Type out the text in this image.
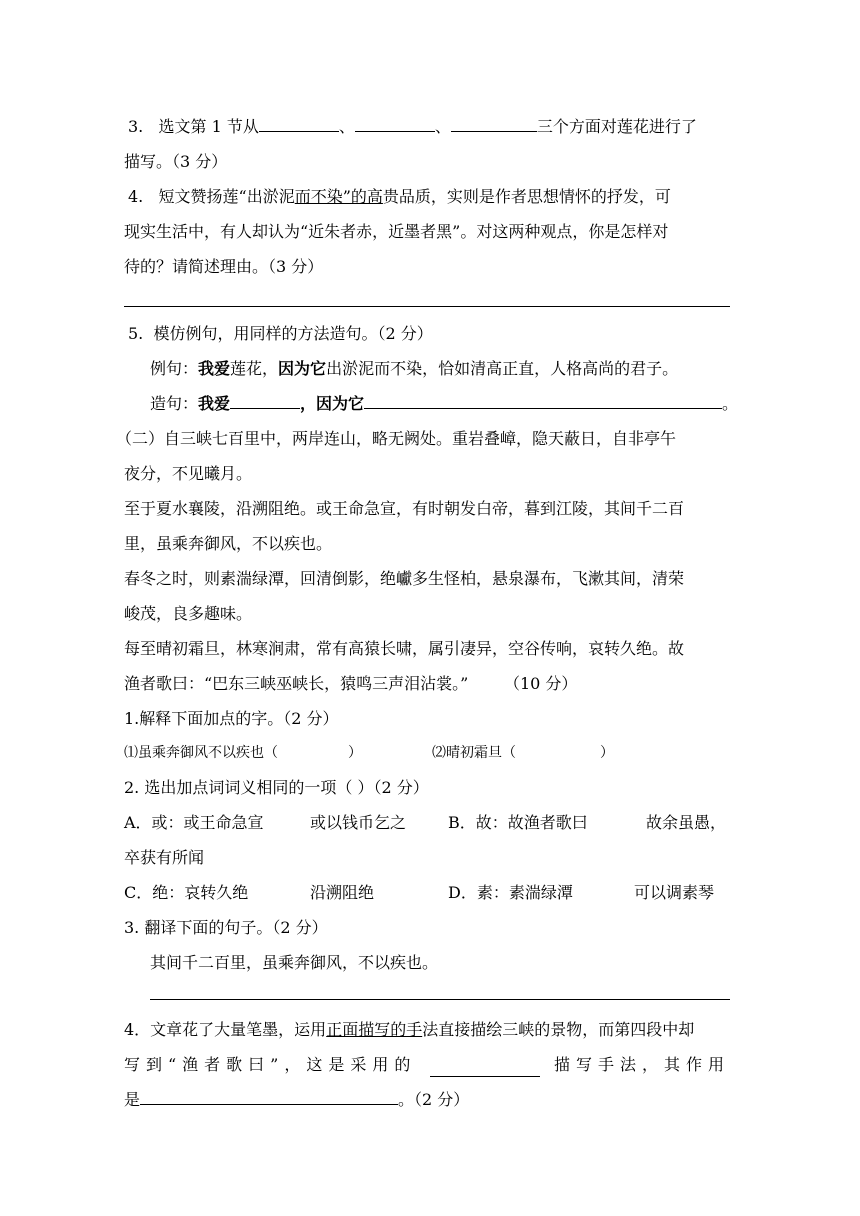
3. 选文第 1 节从	、	、	三个方面对莲花进行了
描写。（3 分）
4. 短文赞扬莲“出淤泥而不染”的高贵品质，实则是作者思想情怀的抒发，可
现实生活中，有人却认为“近朱者赤，近墨者黑”。对这两种观点，你是怎样对
待的？请简述理由。（3 分）
5. 模仿例句，用同样的方法造句。（2 分）
例句：我爱莲花，因为它出淤泥而不染，恰如清高正直，人格高尚的君子。
造句：我爱	，因为它	。
（二）自三峡七百里中，两岸连山，略无阙处。重岩叠嶂，隐天蔽日，自非亭午
夜分，不见曦月。
至于夏水襄陵，沿溯阻绝。或王命急宣，有时朝发白帝，暮到江陵，其间千二百
里，虽乘奔御风，不以疾也。
春冬之时，则素湍绿潭，回清倒影，绝巘多生怪柏，悬泉瀑布，飞漱其间，清荣
峻茂，良多趣味。
每至晴初霜旦，林寒涧肃，常有高猿长啸，属引凄异，空谷传响，哀转久绝。故
渔者歌曰：“巴东三峡巫峡长，猿鸣三声泪沾裳。” （10 分）
1.解释下面加点的字。（2 分）
⑴虽乘奔御风不以疾也（	）	⑵晴初霜旦（	）
2. 选出加点词词义相同的一项（ ）（2 分）
A．或：或王命急宣	或以钱币乞之	B．故：故渔者歌曰	故余虽愚，
卒获有所闻
C．绝：哀转久绝	沿溯阻绝	D．素：素湍绿潭	可以调素琴
3. 翻译下面的句子。（2 分）
其间千二百里，虽乘奔御风，不以疾也。
4．文章花了大量笔墨，运用正面描写的手法直接描绘三峡的景物，而第四段中却
写到“渔者歌曰”，这是采用的	描写手法，其作用
是	。（2 分）
